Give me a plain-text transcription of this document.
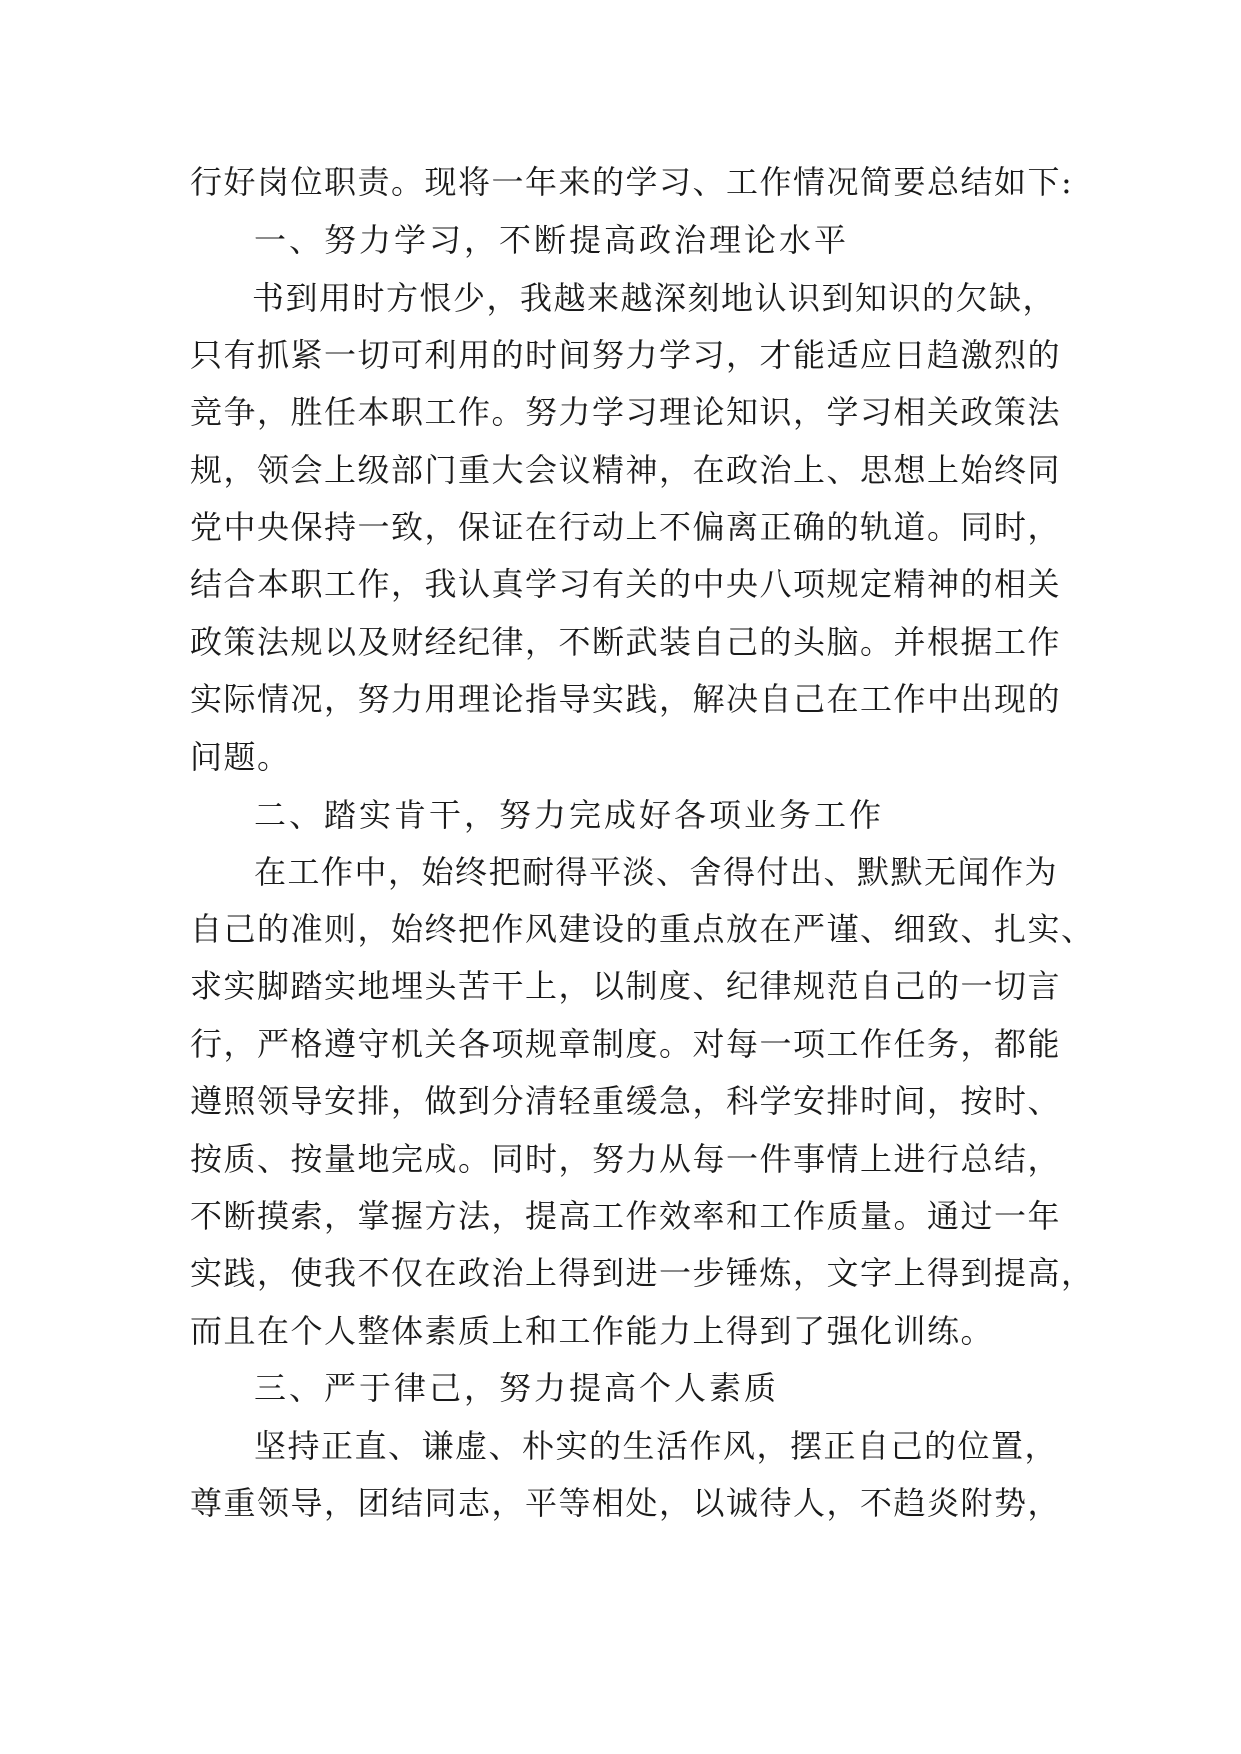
行好岗位职责。现将一年来的学习、工作情况简要总结如下:
一、努力学习，不断提高政治理论水平
书到用时方恨少，我越来越深刻地认识到知识的欠缺，
只有抓紧一切可利用的时间努力学习，才能适应日趋激烈的
竞争，胜任本职工作。努力学习理论知识，学习相关政策法
规，领会上级部门重大会议精神，在政治上、思想上始终同
党中央保持一致，保证在行动上不偏离正确的轨道。同时，
结合本职工作，我认真学习有关的中央八项规定精神的相关
政策法规以及财经纪律，不断武装自己的头脑。并根据工作
实际情况，努力用理论指导实践，解决自己在工作中出现的
问题。
二、踏实肯干，努力完成好各项业务工作
在工作中，始终把耐得平淡、舍得付出、默默无闻作为
自己的准则，始终把作风建设的重点放在严谨、细致、扎实、
求实脚踏实地埋头苦干上，以制度、纪律规范自己的一切言
行，严格遵守机关各项规章制度。对每一项工作任务，都能
遵照领导安排，做到分清轻重缓急，科学安排时间，按时、
按质、按量地完成。同时，努力从每一件事情上进行总结，
不断摸索，掌握方法，提高工作效率和工作质量。通过一年
实践，使我不仅在政治上得到进一步锤炼，文字上得到提高，
而且在个人整体素质上和工作能力上得到了强化训练。
三、严于律己，努力提高个人素质
坚持正直、谦虚、朴实的生活作风，摆正自己的位置，
尊重领导，团结同志，平等相处，以诚待人，不趋炎附势，
